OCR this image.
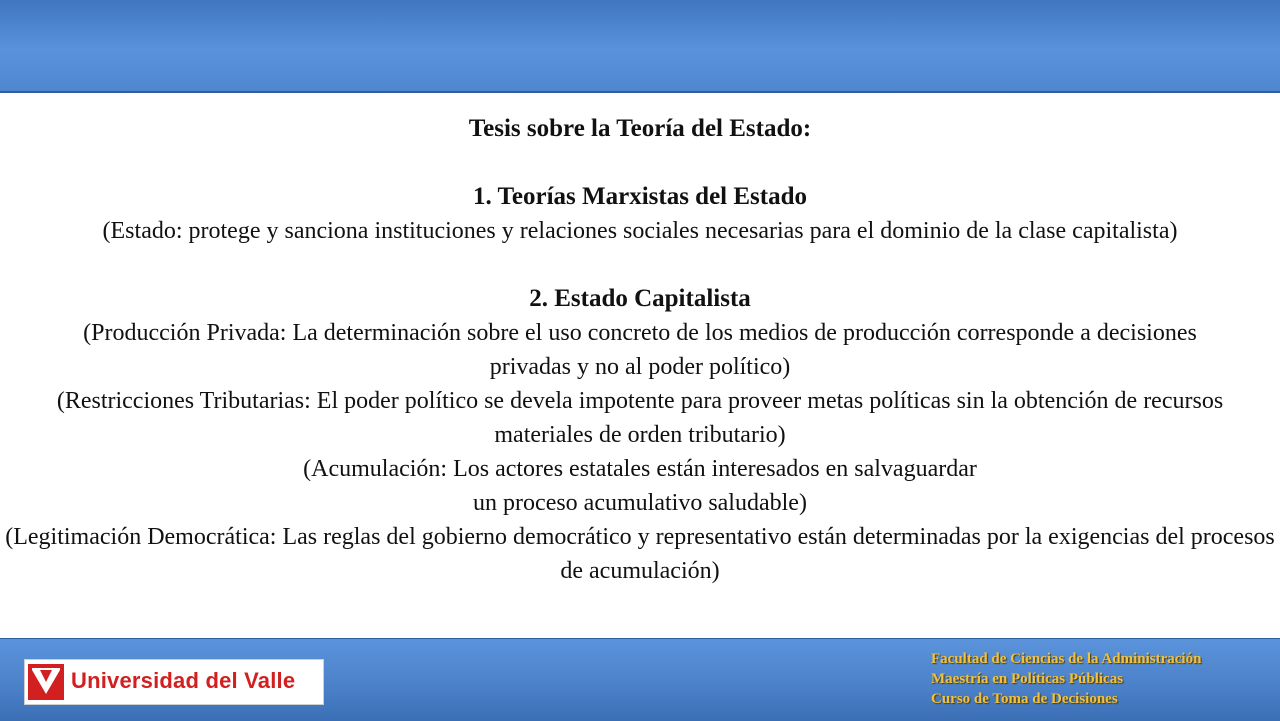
Tesis sobre la Teoría del Estado:
1. Teorías Marxistas del Estado
(Estado: protege y sanciona instituciones y relaciones sociales necesarias para el dominio de la clase capitalista)
2. Estado Capitalista
(Producción Privada: La determinación sobre el uso concreto de los medios de producción corresponde a decisiones privadas y no al poder político)
(Restricciones Tributarias: El poder político se devela impotente para proveer metas políticas sin la obtención de recursos materiales de orden tributario)
(Acumulación: Los actores estatales están interesados en salvaguardar
un proceso acumulativo saludable)
(Legitimación Democrática: Las reglas del gobierno democrático y representativo están determinadas por la exigencias del procesos de acumulación)
Universidad del Valle
Facultad de Ciencias de la Administración
Maestría en Políticas Públicas
Curso de Toma de Decisiones
